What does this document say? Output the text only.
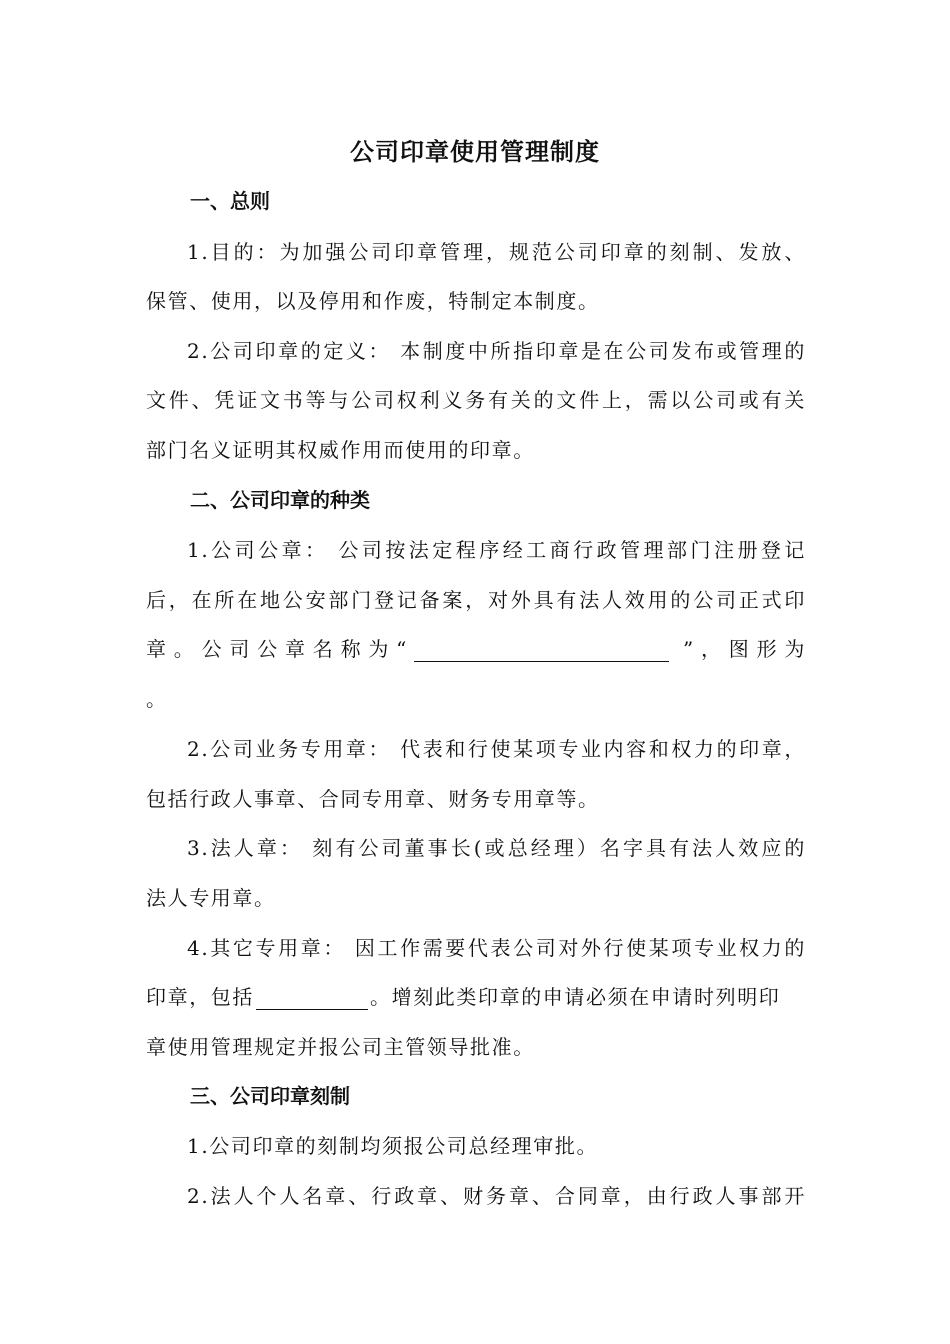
公司印章使用管理制度
一、总则
1.目的：为加强公司印章管理，规范公司印章的刻制、发放、
保管、使用，以及停用和作废，特制定本制度。
2.公司印章的定义： 本制度中所指印章是在公司发布或管理的
文件、凭证文书等与公司权利义务有关的文件上，需以公司或有关
部门名义证明其权威作用而使用的印章。
二、公司印章的种类
1.公司公章： 公司按法定程序经工商行政管理部门注册登记
后，在所在地公安部门登记备案，对外具有法人效用的公司正式印
章。公司公章名称为“	”，图形为
。
2.公司业务专用章： 代表和行使某项专业内容和权力的印章，
包括行政人事章、合同专用章、财务专用章等。
3.法人章： 刻有公司董事长(或总经理）名字具有法人效应的
法人专用章。
4.其它专用章： 因工作需要代表公司对外行使某项专业权力的
印章，包括	。增刻此类印章的申请必须在申请时列明印
章使用管理规定并报公司主管领导批准。
三、公司印章刻制
1.公司印章的刻制均须报公司总经理审批。
2.法人个人名章、行政章、财务章、合同章，由行政人事部开
